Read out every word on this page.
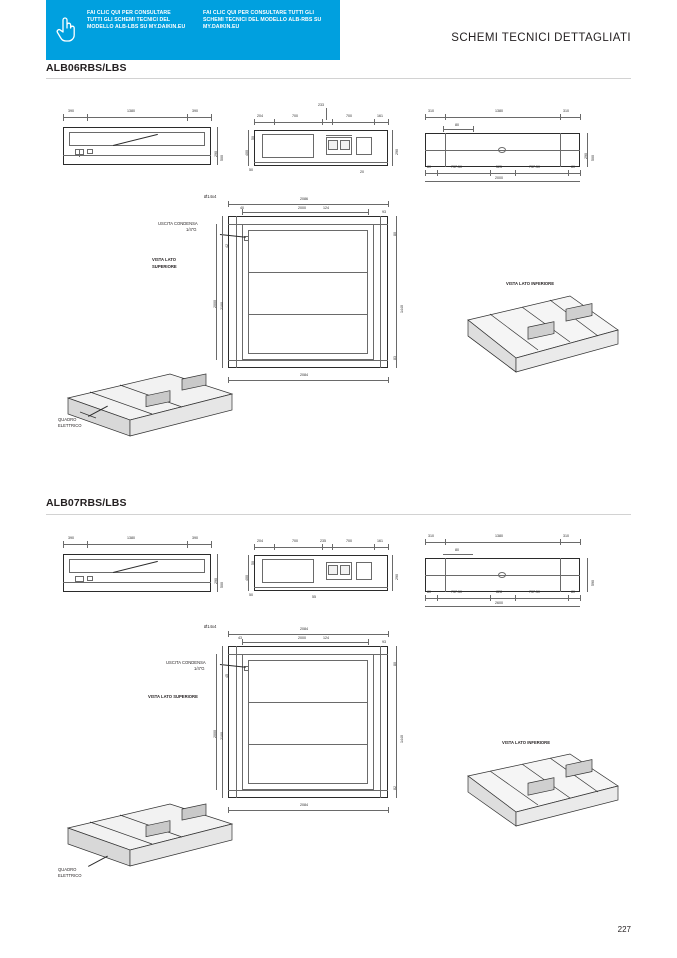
FAI CLIC QUI PER CONSULTARE TUTTI GLI SCHEMI TECNICI DEL MODELLO ALB-LBS SU MY.DAIKIN.EU
FAI CLIC QUI PER CONSULTARE TUTTI GLI SCHEMI TECNICI DEL MODELLO ALB-RBS SU MY.DAIKIN.EU
SCHEMI TECNICI DETTAGLIATI
ALB06RBS/LBS
390	1380	390
500
290
204	700
233
700	161
50
400
50
290
20
310	1380	310
80
80	737.50	525	737.50	80
2000
500
290
2086
2000	124
40
93
42
2100
2000
80
1440
83
2084
Ø14x4
USCITA CONDENSA
1/4"G
VISTA LATO
SUPERIORE
VISTA LATO INFERIORE
QUADRO
ELETTRICO
ALB07RBS/LBS
390	1380	390
500
290
204	700	235	700	161
50
400
50
290
55
310	1380	310
80
80	737.50	828	737.50	80
2600
590
2084
2000	124
43
93
45
2100
2000
80
1440
82
2084
Ø14x4
USCITA CONDENSA
1/4"G
VISTA LATO SUPERIORE
VISTA LATO INFERIORE
QUADRO
ELETTRICO
227
